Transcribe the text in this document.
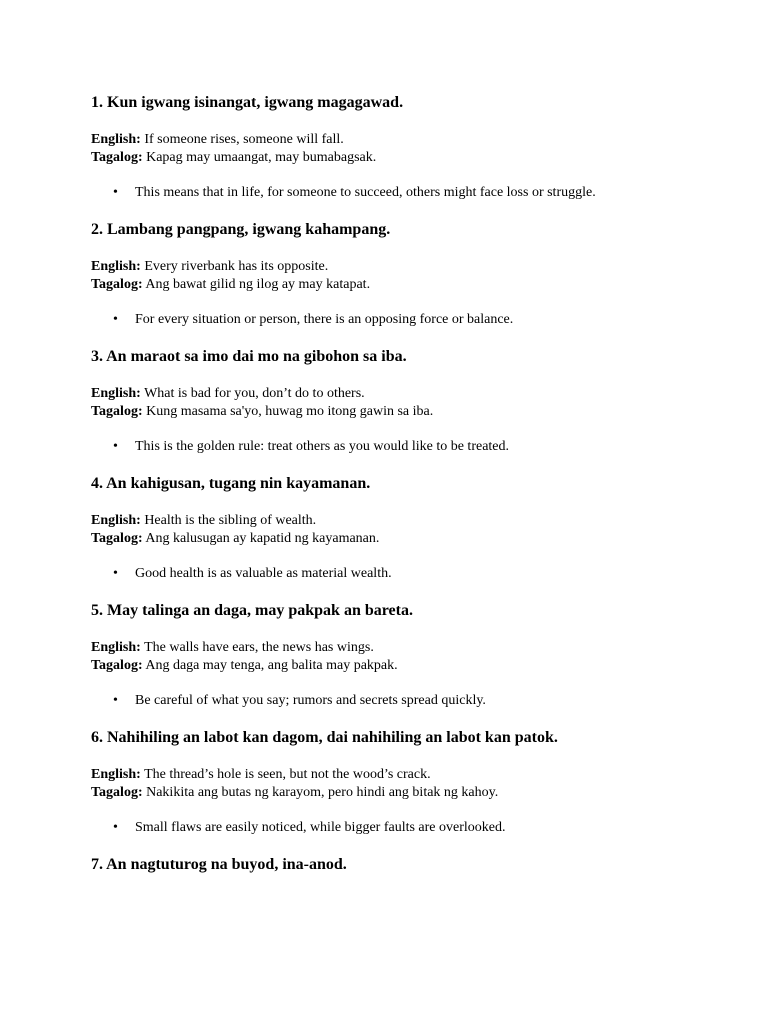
1. Kun igwang isinangat, igwang magagawad.

English: If someone rises, someone will fall.

Tagalog: Kapag may umaangat, may bumabagsak.

• This means that in life, for someone to succeed, others might face loss or struggle.
2. Lambang pangpang, igwang kahampang.

English: Every riverbank has its opposite.

Tagalog: Ang bawat gilid ng ilog ay may katapat.

• For every situation or person, there is an opposing force or balance.
3. An maraot sa imo dai mo na gibohon sa iba.

English: What is bad for you, don’t do to others.

Tagalog: Kung masama sa'yo, huwag mo itong gawin sa iba.

• This is the golden rule: treat others as you would like to be treated.
4. An kahigusan, tugang nin kayamanan.

English: Health is the sibling of wealth.

Tagalog: Ang kalusugan ay kapatid ng kayamanan.

• Good health is as valuable as material wealth.
5. May talinga an daga, may pakpak an bareta.

English: The walls have ears, the news has wings.

Tagalog: Ang daga may tenga, ang balita may pakpak.

• Be careful of what you say; rumors and secrets spread quickly.
6. Nahihiling an labot kan dagom, dai nahihiling an labot kan patok.

English: The thread’s hole is seen, but not the wood’s crack.

Tagalog: Nakikita ang butas ng karayom, pero hindi ang bitak ng kahoy.

• Small flaws are easily noticed, while bigger faults are overlooked.
7. An nagtuturog na buyod, ina-anod.
